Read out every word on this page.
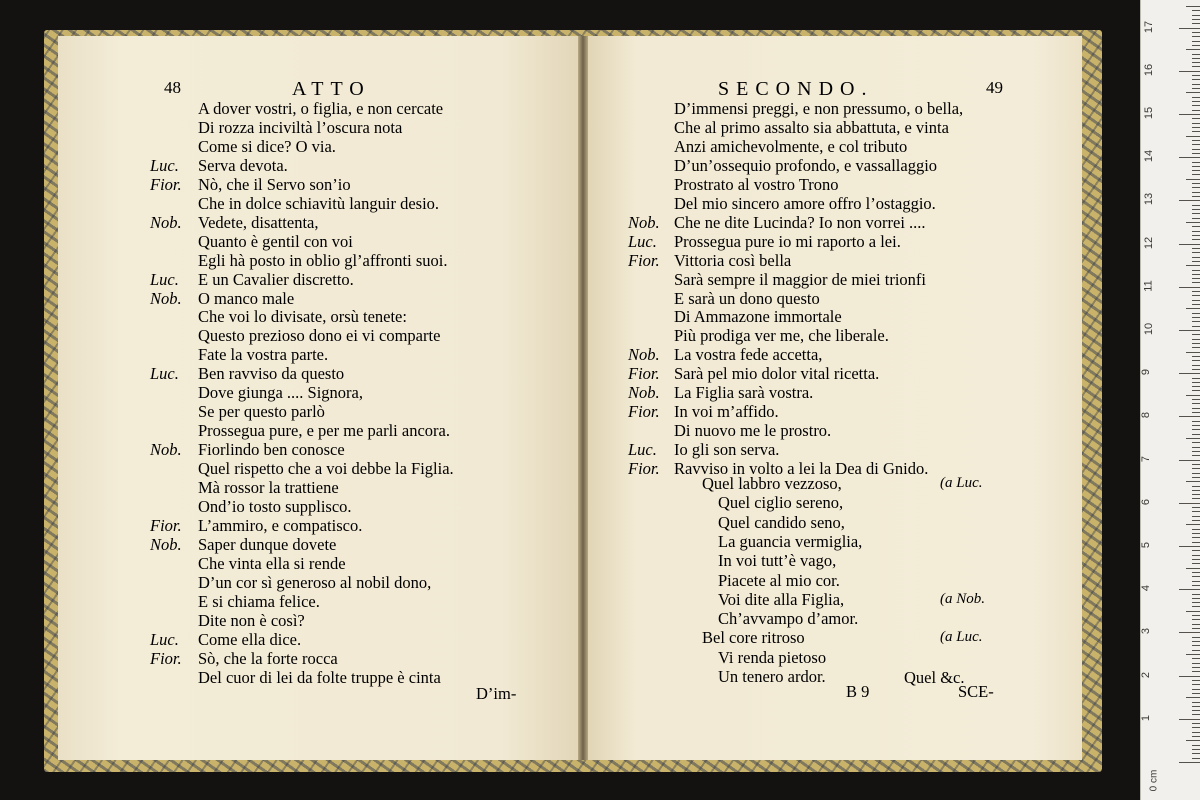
48	ATTO
D’im-
A dover vostri, o figlia, e non cercate
Di rozza inciviltà l’oscura nota
Come si dice? O via.
Luc. Serva devota.
Fior. Nò, che il Servo son’io
Che in dolce schiavitù languir desio.
Nob. Vedete, disattenta,
Quanto è gentil con voi
Egli hà posto in oblio gl’affronti suoi.
Luc. E un Cavalier discretto.
Nob. O manco male
Che voi lo divisate, orsù tenete:
Questo prezioso dono ei vi comparte
Fate la vostra parte.
Luc. Ben ravviso da questo
Dove giunga .... Signora,
Se per questo parlò
Prossegua pure, e per me parli ancora.
Nob. Fiorlindo ben conosce
Quel rispetto che a voi debbe la Figlia.
Mà rossor la trattiene
Ond’io tosto supplisco.
Fior. L’ammiro, e compatisco.
Nob. Saper dunque dovete
Che vinta ella si rende
D’un cor sì generoso al nobil dono,
E si chiama felice.
Dite non è così?
Luc. Come ella dice.
Fior. Sò, che la forte rocca
Del cuor di lei da folte truppe è cinta
SECONDO.	49
B 9	SCE-
D’immensi preggi, e non pressumo, o bella,
Che al primo assalto sia abbattuta, e vinta
Anzi amichevolmente, e col tributo
D’un’ossequio profondo, e vassallaggio
Prostrato al vostro Trono
Del mio sincero amore offro l’ostaggio.
Nob. Che ne dite Lucinda? Io non vorrei ....
Luc. Prossegua pure io mi raporto a lei.
Fior. Vittoria così bella
Sarà sempre il maggior de miei trionfi
E sarà un dono questo
Di Ammazone immortale
Più prodiga ver me, che liberale.
Nob. La vostra fede accetta,
Fior. Sarà pel mio dolor vital ricetta.
Nob. La Figlia sarà vostra.
Fior. In voi m’affido.
Di nuovo me le prostro.
Luc. Io gli son serva.
Fior. Ravviso in volto a lei la Dea di Gnido.
Quel labbro vezzoso,	(a Luc.
Quel ciglio sereno,
Quel candido seno,
La guancia vermiglia,
In voi tutt’è vago,
Piacete al mio cor.
Voi dite alla Figlia,	(a Nob.
Ch’avvampo d’amor.
Bel core ritroso	(a Luc.
Vi renda pietoso
Un tenero ardor.	Quel &c.
0 cm
1
2
3
4
5
6
7
8
9
10
11
12
13
14
15
16
17
